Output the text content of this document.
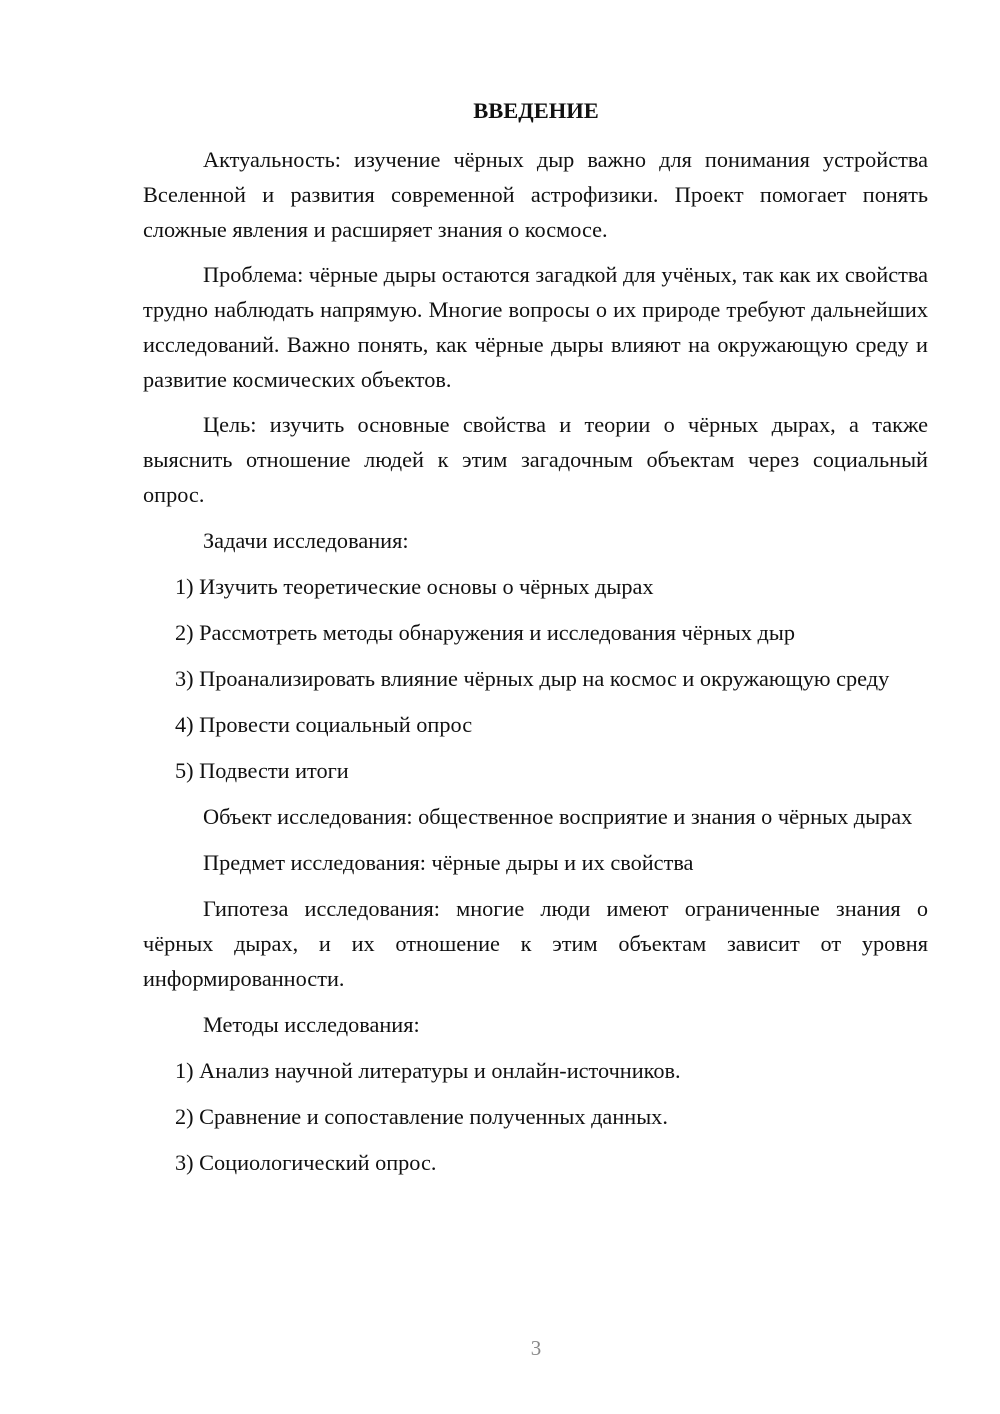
ВВЕДЕНИЕ

Актуальность: изучение чёрных дыр важно для понимания устройства Вселенной и развития современной астрофизики. Проект помогает понять сложные явления и расширяет знания о космосе.

Проблема: чёрные дыры остаются загадкой для учёных, так как их свойства трудно наблюдать напрямую. Многие вопросы о их природе требуют дальнейших исследований. Важно понять, как чёрные дыры влияют на окружающую среду и развитие космических объектов.

Цель: изучить основные свойства и теории о чёрных дырах, а также выяснить отношение людей к этим загадочным объектам через социальный опрос.

Задачи исследования:

1) Изучить теоретические основы о чёрных дырах

2) Рассмотреть методы обнаружения и исследования чёрных дыр

3) Проанализировать влияние чёрных дыр на космос и окружающую среду

4) Провести социальный опрос

5) Подвести итоги

Объект исследования: общественное восприятие и знания о чёрных дырах

Предмет исследования: чёрные дыры и их свойства

Гипотеза исследования: многие люди имеют ограниченные знания о чёрных дырах, и их отношение к этим объектам зависит от уровня информированности.

Методы исследования:

1) Анализ научной литературы и онлайн-источников.

2) Сравнение и сопоставление полученных данных.

3) Социологический опрос.

3
